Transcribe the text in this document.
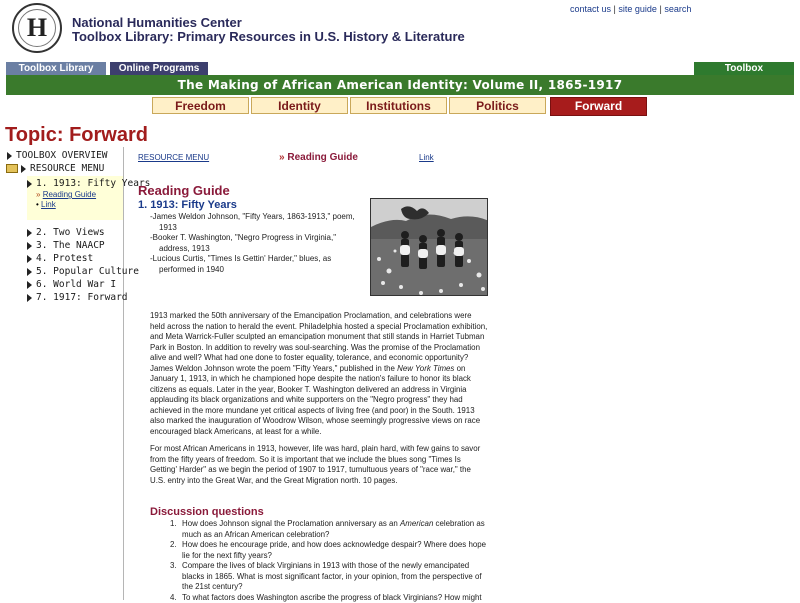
H	National Humanities Center
Toolbox Library: Primary Resources in U.S. History & Literature
contact us | site guide | search
Toolbox Library	Online Programs	Toolbox
The Making of African American Identity: Volume II, 1865-1917
Freedom	Identity	Institutions	Politics	Forward
Topic: Forward
TOOLBOX OVERVIEW
RESOURCE MENU
1. 1913: Fifty Years
» Reading Guide
• Link
2. Two Views
3. The NAACP
4. Protest
5. Popular Culture
6. World War I
7. 1917: Forward
RESOURCE MENU	» Reading Guide	Link
Reading Guide
1. 1913: Fifty Years
-James Weldon Johnson, "Fifty Years, 1863-1913," poem, 1913
-Booker T. Washington, "Negro Progress in Virginia," address, 1913
-Lucious Curtis, "Times Is Gettin' Harder," blues, as performed in 1940
1913 marked the 50th anniversary of the Emancipation Proclamation, and celebrations were held across the nation to herald the event. Philadelphia hosted a special Proclamation exhibition, and Meta Warrick-Fuller sculpted an emancipation monument that still stands in Harriet Tubman Park in Boston. In addition to revelry was soul-searching. Was the promise of the Proclamation alive and well? What had one done to foster equality, tolerance, and economic opportunity? James Weldon Johnson wrote the poem "Fifty Years," published in the New York Times on January 1, 1913, in which he championed hope despite the nation's failure to honor its black citizens as equals. Later in the year, Booker T. Washington delivered an address in Virginia applauding its black organizations and white supporters on the "Negro progress" they had achieved in the more mundane yet critical aspects of living free (and poor) in the South. 1913 also marked the inauguration of Woodrow Wilson, whose seemingly progressive views on race encouraged black Americans, at least for a while.
For most African Americans in 1913, however, life was hard, plain hard, with few gains to savor from the fifty years of freedom. So it is important that we include the blues song "Times Is Getting' Harder" as we begin the period of 1907 to 1917, tumultuous years of "race war," the U.S. entry into the Great War, and the Great Migration north. 10 pages.
Discussion questions
1. How does Johnson signal the Proclamation anniversary as an American celebration as much as an African American celebration?
2. How does he encourage pride, and how does acknowledge despair? Where does hope lie for the next fifty years?
3. Compare the lives of black Virginians in 1913 with those of the newly emancipated blacks in 1865. What is most significant factor, in your opinion, from the perspective of the 21st century?
4. To what factors does Washington ascribe the progress of black Virginians? How might
